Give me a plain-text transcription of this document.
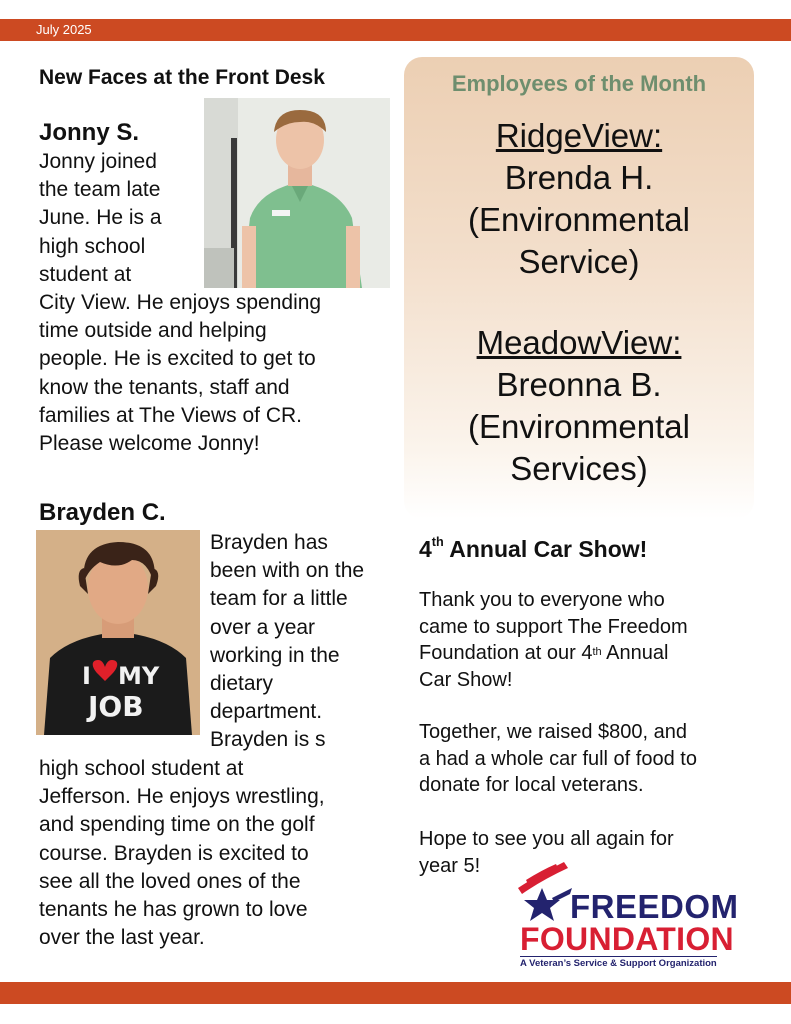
July 2025
New Faces at the Front Desk
Jonny S.
Jonny joined
the team late
June. He is a
high school
student at
City View. He enjoys spending
time outside and helping
people. He is excited to get to
know the tenants, staff and
families at The Views of CR.
Please welcome Jonny!
Brayden C.
I MY
JOB
Brayden has
been with on the
team for a little
over a year
working in the
dietary
department.
Brayden is s
high school student at
Jefferson. He enjoys wrestling,
and spending time on the golf
course. Brayden is excited to
see all the loved ones of the
tenants he has grown to love
over the last year.
Employees of the Month
RidgeView:
Brenda H.
(Environmental
Service)
MeadowView:
Breonna B.
(Environmental
Services)
4th Annual Car Show!
Thank you to everyone who
came to support The Freedom
Foundation at our 4th Annual
Car Show!
Together, we raised $800, and
a had a whole car full of food to
donate for local veterans.
Hope to see you all again for
year 5!
FREEDOM
FOUNDATION
A Veteran’s Service & Support Organization
